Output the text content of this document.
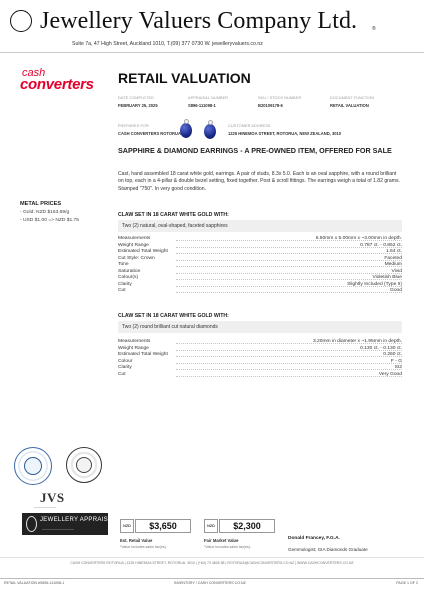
Jewellery Valuers Company Ltd.	®
Suite 7a, 47 High Street, Auckland 1010, T.(09) 377 0730 W. jewelleryvaluers.co.nz
cash
converters
METAL PRICES
- Gold: NZD $163.69/g
- USD $1.00 => NZD $1.75
RETAIL VALUATION
DATE COMPLETED
FEBRUARY 25, 2025
APPRAISAL NUMBER
S896-111098-1
SKU / STOCK NUMBER
B20109178-6
DOCUMENT FUNCTION
RETAIL VALUATION
PREPARED FOR
CASH CONVERTERS ROTORUA
CUSTOMER ADDRESS
1225 HINEMOA STREET, ROTORUA, NEW ZEALAND, 3010
SAPPHIRE & DIAMOND EARRINGS - A PRE-OWNED ITEM, OFFERED FOR SALE
Cast, hand assembled 18 carat white gold, earrings. A pair of studs, 8.3x 5.0. Each is an oval sapphire, with a round brilliant on top, each in a 4-pillar & double bezel setting, fixed together. Post & scroll fittings. The earrings weigh a total of 1.82 grams. Stamped "750". In very good condition.
CLAW SET IN 18 CARAT WHITE GOLD WITH:
Two (2) natural, oval-shaped, faceted sapphires
Measurements	6.50mm x 5.00mm x ~3.00mm in depth.
Weight Range	0.787 ct. - 0.852 ct.
Estimated Total Weight	1.64 ct.
Cut Style: Crown	Faceted
Tone	Medium
Saturation	Vivid
Colour(s)	Violetish Blue
Clarity	Slightly Included (Type II)
Cut	Good
CLAW SET IN 18 CARAT WHITE GOLD WITH:
Two (2) round brilliant cut natural diamonds
Measurements	3.20mm in diameter x ~1.95mm in depth.
Weight Range	0.130 ct. - 0.130 ct.
Estimated Total Weight	0.260 ct.
Colour	F - G
Clarity	SI2
Cut	Very Good
JVS
———————
JEWELLERY APPRAISERS
——————————
NZD	$3,650
Est. Retail Value
*Value includes sales tax(es).
NZD	$2,300
Fair Market Value
*Value includes sales tax(es).
Donald Francey, F.G.A.
Gemmologist; GIA Diamonds Graduate
CASH CONVERTERS ROTORUA | 1225 HINEMOA STREET, ROTORUA, 3010 | (+64) 73 4826 58 | ROTORUA@CASHCONVERTERS.CO.NZ | WWW.CASHCONVERTERS.CO.NZ
RETAIL VALUATION #S896-111098-1	INVENTORY / CASH CONVERTERS CO.NZ	PAGE 1 OF 2
